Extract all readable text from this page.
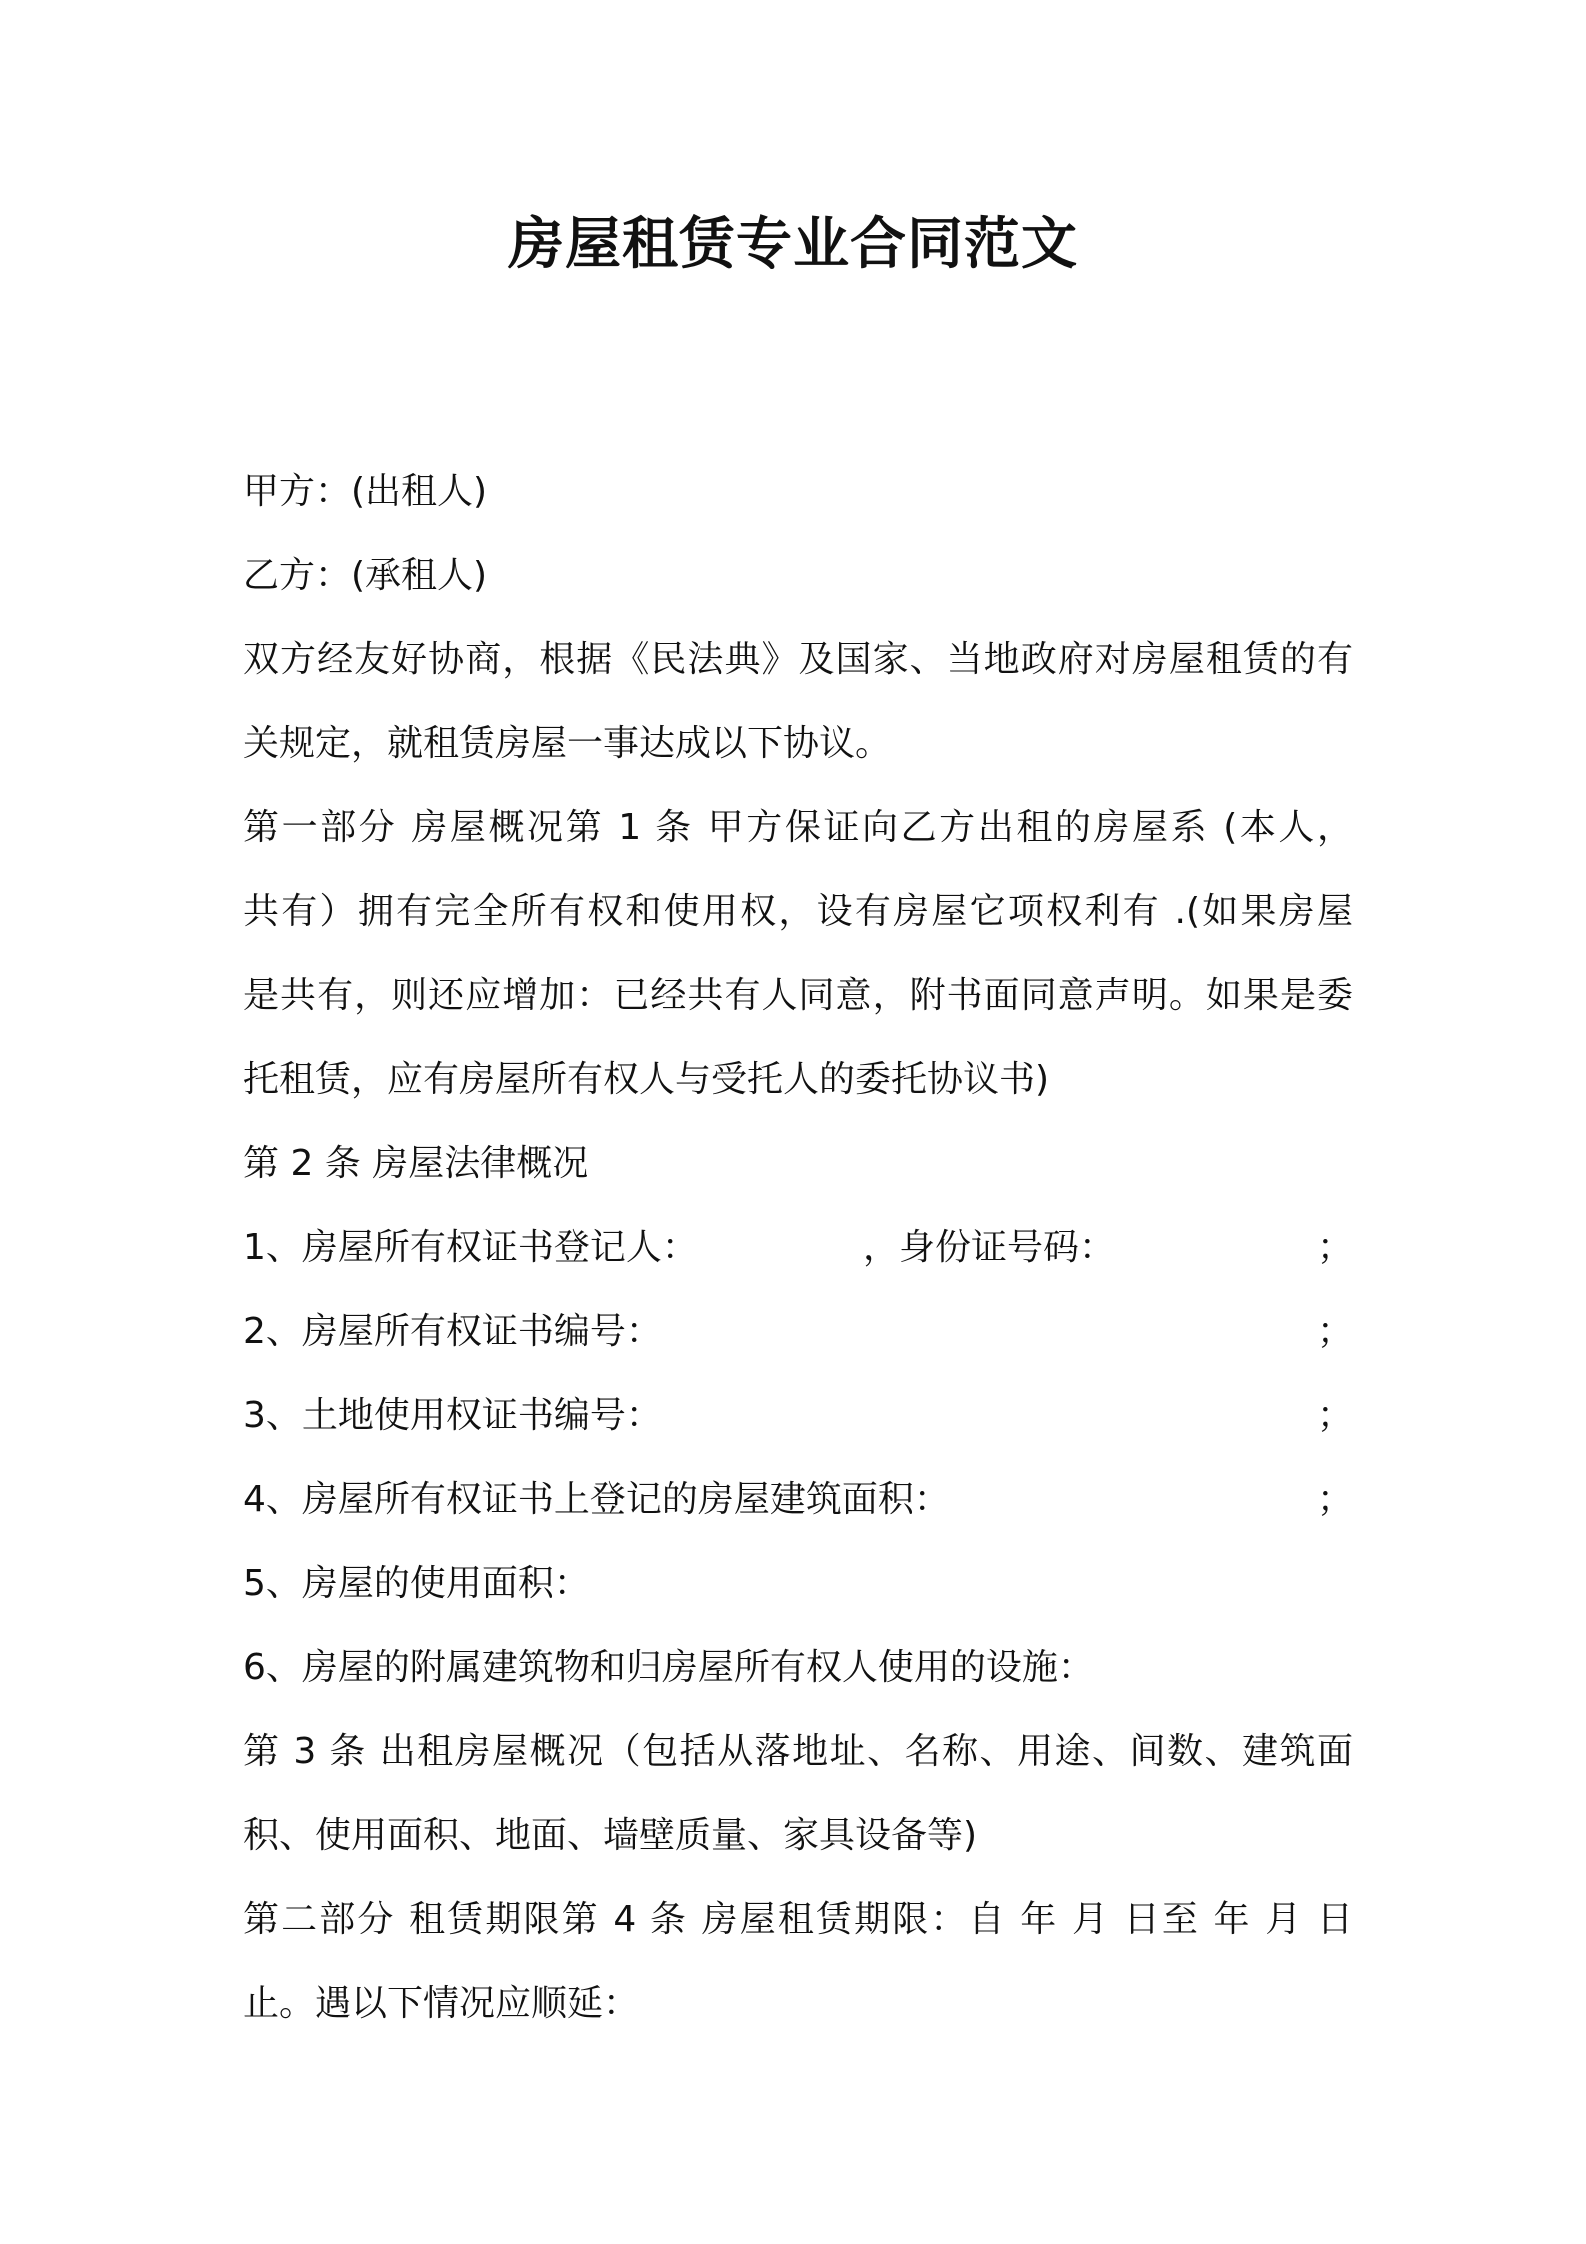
房屋租赁专业合同范文
甲方：(出租人)
乙方：(承租人)
双方经友好协商，根据《民法典》及国家、当地政府对房屋租赁的有
关规定，就租赁房屋一事达成以下协议。
第一部分 房屋概况第 1 条 甲方保证向乙方出租的房屋系 (本人，
共有）拥有完全所有权和使用权，设有房屋它项权利有 .(如果房屋
是共有，则还应增加：已经共有人同意，附书面同意声明。如果是委
托租赁，应有房屋所有权人与受托人的委托协议书)
第 2 条 房屋法律概况
1、房屋所有权证书登记人：	，身份证号码：	；
2、房屋所有权证书编号：	；
3、土地使用权证书编号：	；
4、房屋所有权证书上登记的房屋建筑面积：	；
5、房屋的使用面积：
6、房屋的附属建筑物和归房屋所有权人使用的设施：
第 3 条 出租房屋概况（包括从落地址、名称、用途、间数、建筑面
积、使用面积、地面、墙壁质量、家具设备等)
第二部分 租赁期限第 4 条 房屋租赁期限：自 年 月 日至 年 月 日
止。遇以下情况应顺延：
